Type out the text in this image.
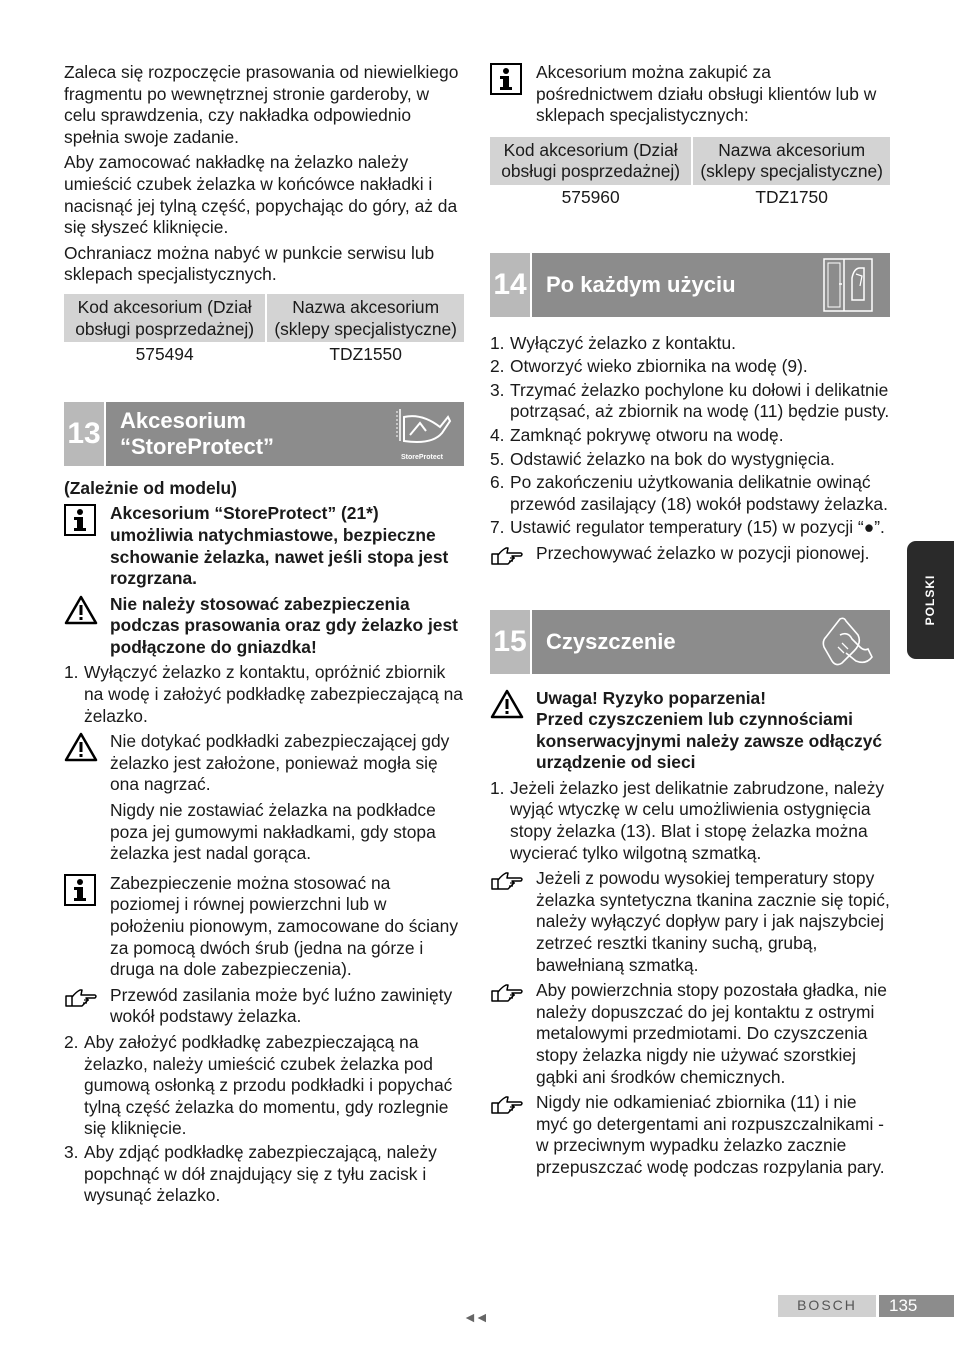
Zaleca się rozpoczęcie prasowania od niewielkiego fragmentu po wewnętrznej stronie garderoby, w celu sprawdzenia, czy nakładka odpowiednio spełnia swoje zadanie.

Aby zamocować nakładkę na żelazko należy umieścić czubek żelazka w końcówce nakładki i nacisnąć jej tylną część, popychając do góry, aż da się słyszeć kliknięcie.

Ochraniacz można nabyć w punkcie serwisu lub sklepach specjalistycznych.

Kod akcesorium (Dział obsługi posprzedażnej)	Nazwa akcesorium (sklepy specjalistyczne)
575494	TDZ1550
13 Akcesorium
“StoreProtect”	StoreProtect

(Zależnie od modelu)

Akcesorium “StoreProtect” (21*) umożliwia natychmiastowe, bezpieczne schowanie żelazka, nawet jeśli stopa jest rozgrzana.
Nie należy stosować zabezpieczenia podczas prasowania oraz gdy żelazko jest podłączone do gniazdka!
1. Wyłączyć żelazko z kontaktu, opróżnić zbiornik na wodę i założyć podkładkę zabezpieczającą na żelazko.

Nie dotykać podkładki zabezpieczającej gdy żelazko jest założone, ponieważ mogła się ona nagrzać.

Nigdy nie zostawiać żelazka na podkładce poza jej gumowymi nakładkami, gdy stopa żelazka jest nadal gorąca.

Zabezpieczenie można stosować na poziomej i równej powierzchni lub w położeniu pionowym, zamocowane do ściany za pomocą dwóch śrub (jedna na górze i druga na dole zabezpieczenia).
Przewód zasilania może być luźno zawinięty wokół podstawy żelazka.
2. Aby założyć podkładkę zabezpieczającą na żelazko, należy umieścić czubek żelazka pod gumową osłonką z przodu podkładki i popychać tylną część żelazka do momentu, gdy rozlegnie się kliknięcie.
3. Aby zdjąć podkładkę zabezpieczającą, należy popchnąć w dół znajdujący się z tyłu zacisk i wysunąć żelazko.
Akcesorium można zakupić za pośrednictwem działu obsługi klientów lub w sklepach specjalistycznych:
Kod akcesorium (Dział obsługi posprzedażnej)	Nazwa akcesorium (sklepy specjalistyczne)
575960	TDZ1750
14 Po każdym użyciu
1. Wyłączyć żelazko z kontaktu.
2. Otworzyć wieko zbiornika na wodę (9).
3. Trzymać żelazko pochylone ku dołowi i delikatnie potrząsać, aż zbiornik na wodę (11) będzie pusty.
4. Zamknąć pokrywę otworu na wodę.
5. Odstawić żelazko na bok do wystygnięcia.
6. Po zakończeniu użytkowania delikatnie owinąć przewód zasilający (18) wokół podstawy żelazka.
7. Ustawić regulator temperatury (15) w pozycji “●”.
Przechowywać żelazko w pozycji pionowej.
15 Czyszczenie
Uwaga! Ryzyko poparzenia!
Przed czyszczeniem lub czynnościami konserwacyjnymi należy zawsze odłączyć urządzenie od sieci
1. Jeżeli żelazko jest delikatnie zabrudzone, należy wyjąć wtyczkę w celu umożliwienia ostygnięcia stopy żelazka (13). Blat i stopę żelazka można wycierać tylko wilgotną szmatką.
Jeżeli z powodu wysokiej temperatury stopy żelazka syntetyczna tkanina zacznie się topić, należy wyłączyć dopływ pary i jak najszybciej zetrzeć resztki tkaniny suchą, grubą, bawełnianą szmatką.
Aby powierzchnia stopy pozostała gładka, nie należy dopuszczać do jej kontaktu z ostrymi metalowymi przedmiotami. Do czyszczenia stopy żelazka nigdy nie używać szorstkiej gąbki ani środków chemicznych.
Nigdy nie odkamieniać zbiornika (11) i nie myć go detergentami ani rozpuszczalnikami - w przeciwnym wypadku żelazko zacznie przepuszczać wodę podczas rozpylania pary.
POLSKI
◄◄
BOSCH	135
